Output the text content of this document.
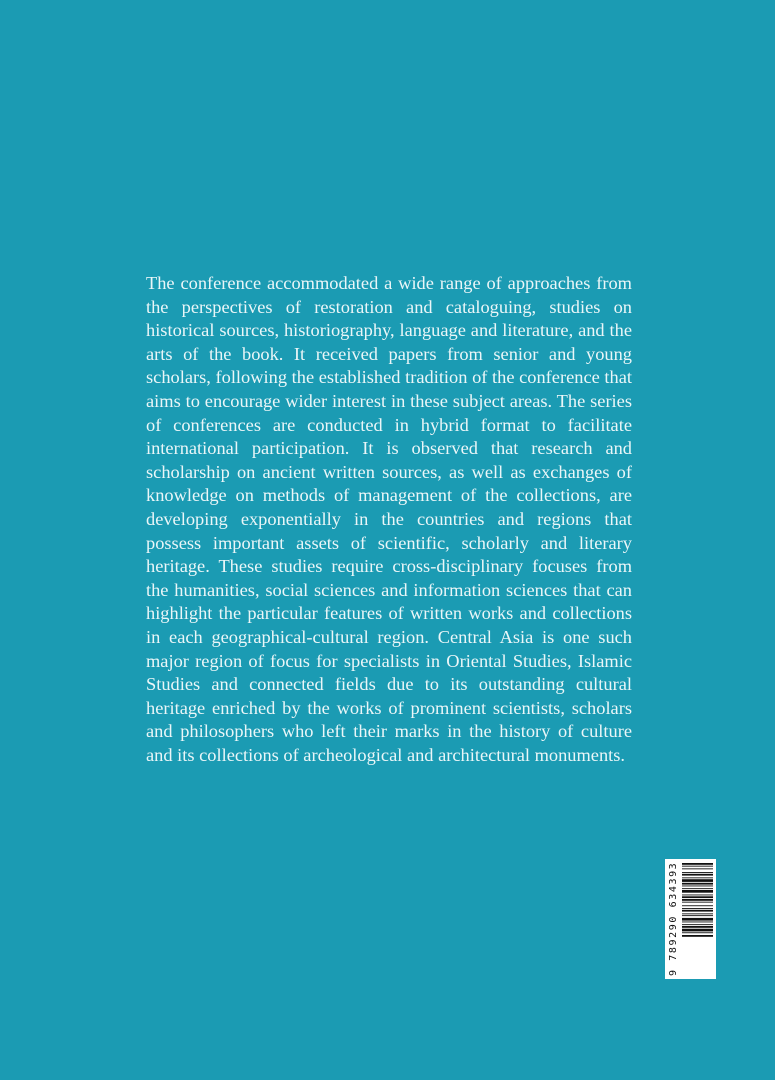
The conference accommodated a wide range of approaches from the perspectives of restoration and cataloguing, studies on historical sources, historiography, language and literature, and the arts of the book. It received papers from senior and young scholars, following the established tradition of the conference that aims to encourage wider interest in these subject areas. The series of conferences are conducted in hybrid format to facilitate international participation. It is observed that research and scholarship on ancient written sources, as well as exchanges of knowledge on methods of management of the collections, are developing exponentially in the countries and regions that possess important assets of scientific, scholarly and literary heritage. These studies require cross-disciplinary focuses from the humanities, social sciences and information sciences that can highlight the particular features of written works and collections in each geographical-cultural region. Central Asia is one such major region of focus for specialists in Oriental Studies, Islamic Studies and connected fields due to its outstanding cultural heritage enriched by the works of prominent scientists, scholars and philosophers who left their marks in the history of culture and its collections of archeological and architectural monuments.

9 789290 634393
